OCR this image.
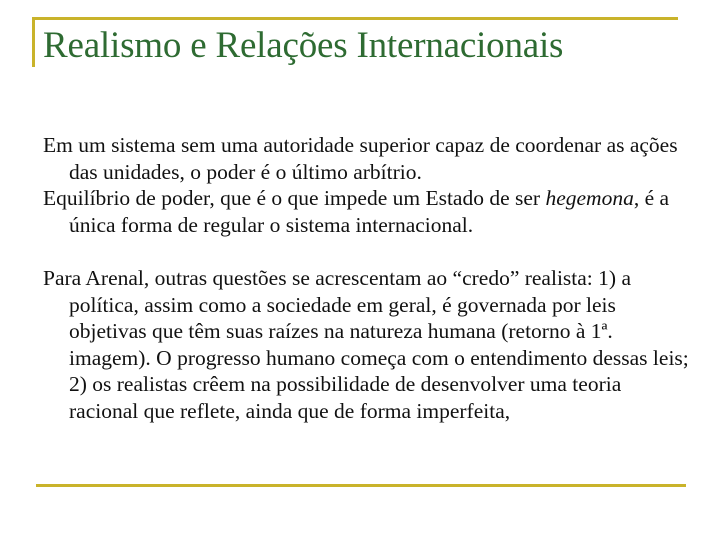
Realismo e Relações Internacionais

Em um sistema sem uma autoridade superior capaz de coordenar as ações das unidades, o poder é o último arbítrio.

Equilíbrio de poder, que é o que impede um Estado de ser hegemona, é a única forma de regular o sistema internacional.

Para Arenal, outras questões se acrescentam ao “credo” realista: 1) a política, assim como a sociedade em geral, é governada por leis objetivas que têm suas raízes na natureza humana (retorno à 1ª. imagem). O progresso humano começa com o entendimento dessas leis; 2) os realistas crêem na possibilidade de desenvolver uma teoria racional que reflete, ainda que de forma imperfeita,
